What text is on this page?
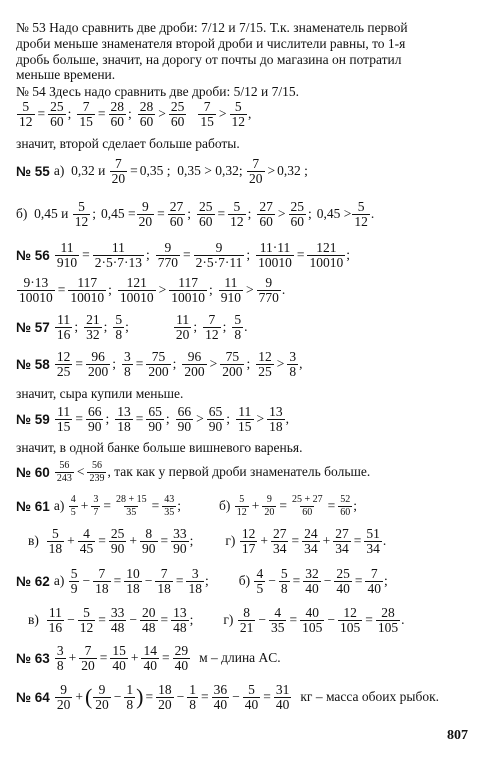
№ 53 Надо сравнить две дроби: 7/12 и 7/15. Т.к. знаменатель первой
дроби меньше знаменателя второй дроби и числители равны, то 1-я
дробь больше, значит, на дорогу от почты до магазина он потратил
меньше времени.
№ 54 Здесь надо сравнить две дроби: 5/12 и 7/15.
$\frac{5}{12} = \frac{25}{60}$ ; $\frac{7}{15} = \frac{28}{60}$ ; 28
60 > 25
60
7
15 > 5
12 ,
значит, второй сделает больше работы.
№ 55 а)  0,32 и $\frac{7}{20} = 0,35$ ;  0,35 > 0,32; 7
20 > 0,32 ;
б)  0,45 и 5
12 ; $0,45 = \frac{9}{20} = \frac{27}{60}$ ; $\frac{25}{60} = \frac{5}{12}$ ; 27
60 > 25
60 ; 0,45 > 5
12 .
№ $56 \frac{11}{910} = \frac{11}{2\cdot 5\cdot 7\cdot 13}$ ; $\frac{9}{770} = \frac{9}{2\cdot 5\cdot 7\cdot 11}$ ; $\frac{11\cdot 11}{10010} = \frac{121}{10010}$ ;
$\frac{9\cdot 13}{10010} = \frac{117}{10010}$ ; 121
10010 > 117
10010 ; 11
910 > 9
770 .
№ 57
11
16 ; 21
32 ; 5
8 ;	11
20 ; 7
12 ; 5
8 .
№ $58 \frac{12}{25} = \frac{96}{200}$ ; $\frac{3}{8} = \frac{75}{200}$ ; 96
200 > 75
200 ; 12
25 > 3
8 ,
значит, сыра купили меньше.
№ $59 \frac{11}{15} = \frac{66}{90}$ ; $\frac{13}{18} = \frac{65}{90}$ ; 66
90 > 65
90 ; 11
15 > 13
18 ,
значит, в одной банке больше вишневого варенья.
№ 60 56
243 < 56
239 , так как у первой дроби знаменатель больше.
№ 61 а) 4
$5 + \frac{3}{7} = \frac{28 + 15}{35} = \frac{43}{35}$ ;	б) 5
$12 + \frac{9}{20} = \frac{25 + 27}{60} = \frac{52}{60}$ ;
в) 5
$18 + \frac{4}{45} = \frac{25}{90} + \frac{8}{90} = \frac{33}{90}$ ; г) 12
$17 + \frac{27}{34} = \frac{24}{34} + \frac{27}{34} = \frac{51}{34}$ .
№ 62 а) 5
$9 - \frac{7}{18} = \frac{10}{18} - \frac{7}{18} = \frac{3}{18}$ ; б) 4
$5 - \frac{5}{8} = \frac{32}{40} - \frac{25}{40} = \frac{7}{40}$ ;
в) 11
$16 - \frac{5}{12} = \frac{33}{48} - \frac{20}{48} = \frac{13}{48}$ ; г) 8
$21 - \frac{4}{35} = \frac{40}{105} - \frac{12}{105} = \frac{28}{105}$ .
№ 63
3
$8 + \frac{7}{20} = \frac{15}{40} + \frac{14}{40} = \frac{29}{40}$ м – длина AC.
№ 64
9
20 + ( 9
$20 - \frac{1}{8}$ ) = $\frac{18}{20} - \frac{1}{8} = \frac{36}{40} - \frac{5}{40} = \frac{31}{40}$ кг – масса обоих рыбок.
807
